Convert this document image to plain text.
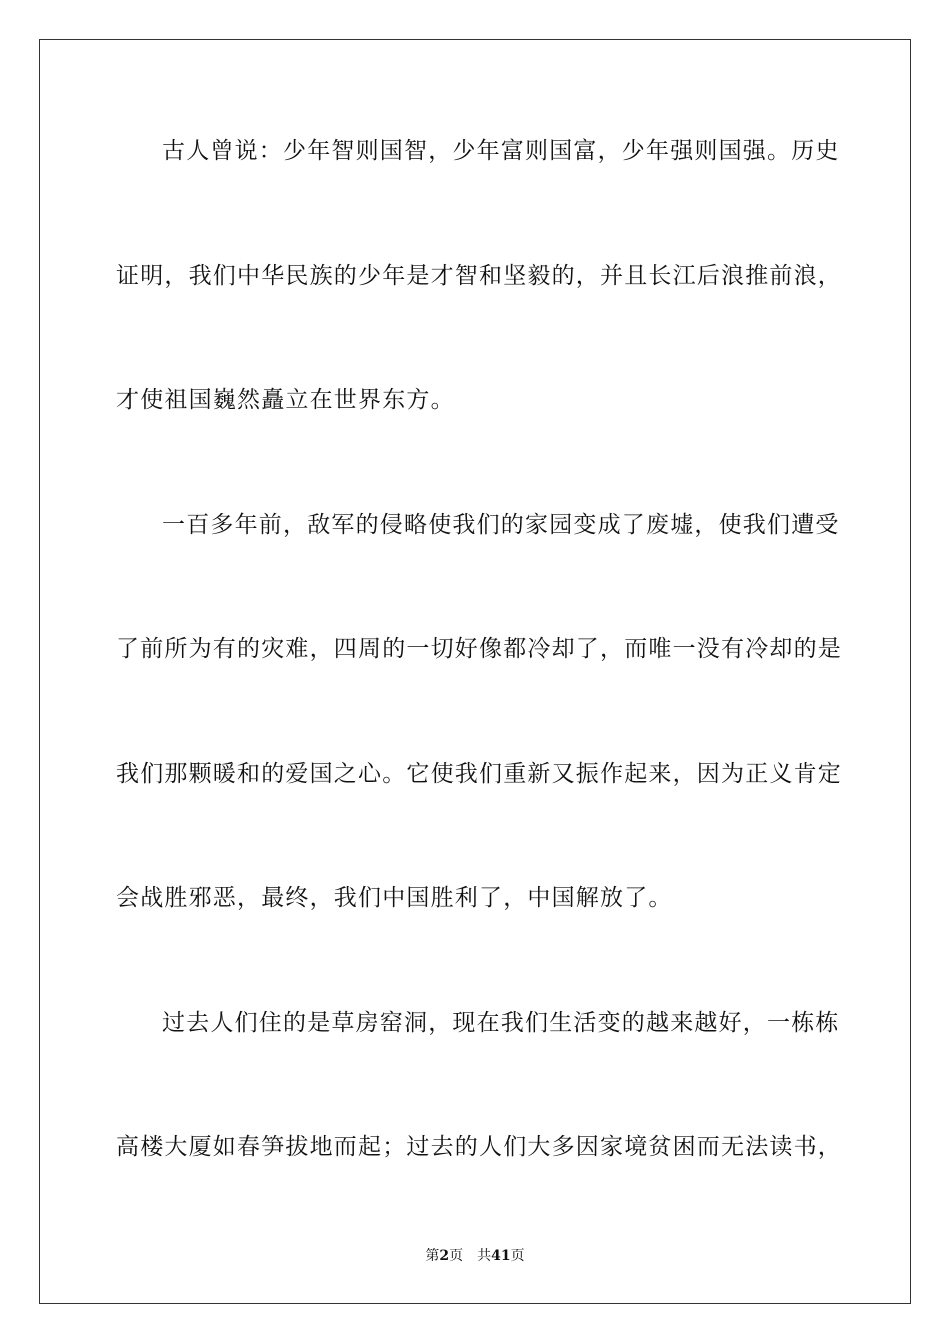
古人曾说：少年智则国智，少年富则国富，少年强则国强。历史
证明，我们中华民族的少年是才智和坚毅的，并且长江后浪推前浪，
才使祖国巍然矗立在世界东方。
一百多年前，敌军的侵略使我们的家园变成了废墟，使我们遭受
了前所为有的灾难，四周的一切好像都冷却了，而唯一没有冷却的是
我们那颗暖和的爱国之心。它使我们重新又振作起来，因为正义肯定
会战胜邪恶，最终，我们中国胜利了，中国解放了。
过去人们住的是草房窑洞，现在我们生活变的越来越好，一栋栋
高楼大厦如春笋拔地而起；过去的人们大多因家境贫困而无法读书，
第2页 共41页
